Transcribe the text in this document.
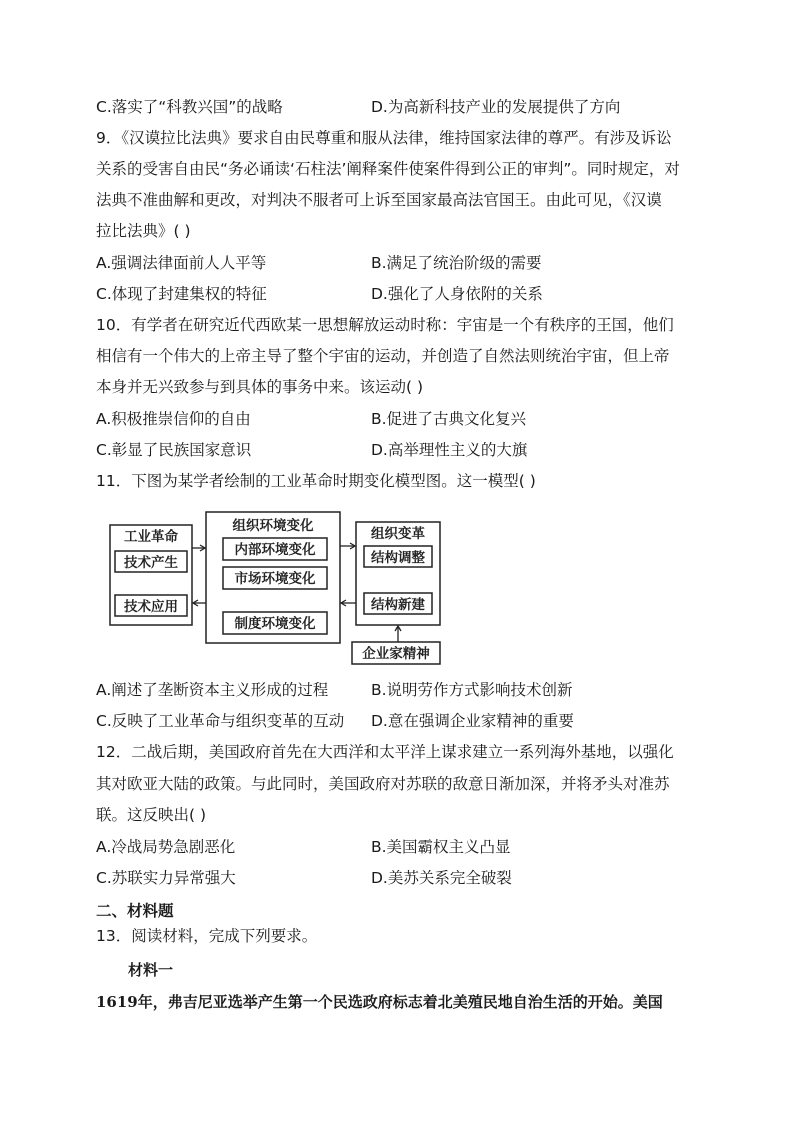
C.落实了“科教兴国”的战略	D.为高新科技产业的发展提供了方向
9．《汉谟拉比法典》要求自由民尊重和服从法律，维持国家法律的尊严。有涉及诉讼
关系的受害自由民“务必诵读‘石柱法’阐释案件使案件得到公正的审判”。同时规定，对
法典不准曲解和更改，对判决不服者可上诉至国家最高法官国王。由此可见，《汉谟
拉比法典》( )
A.强调法律面前人人平等	B.满足了统治阶级的需要
C.体现了封建集权的特征	D.强化了人身依附的关系
10．有学者在研究近代西欧某一思想解放运动时称：宇宙是一个有秩序的王国，他们
相信有一个伟大的上帝主导了整个宇宙的运动，并创造了自然法则统治宇宙，但上帝
本身并无兴致参与到具体的事务中来。该运动( )
A.积极推崇信仰的自由	B.促进了古典文化复兴
C.彰显了民族国家意识	D.高举理性主义的大旗
11．下图为某学者绘制的工业革命时期变化模型图。这一模型( )
工业革命
技术产生
技术应用
组织环境变化
内部环境变化
市场环境变化
制度环境变化
组织变革
结构调整
结构新建
企业家精神
A.阐述了垄断资本主义形成的过程	B.说明劳作方式影响技术创新
C.反映了工业革命与组织变革的互动 D.意在强调企业家精神的重要
12．二战后期，美国政府首先在大西洋和太平洋上谋求建立一系列海外基地，以强化
其对欧亚大陆的政策。与此同时，美国政府对苏联的敌意日渐加深，并将矛头对准苏
联。这反映出( )
A.冷战局势急剧恶化	B.美国霸权主义凸显
C.苏联实力异常强大	D.美苏关系完全破裂
二、材料题
13．阅读材料，完成下列要求。
材料一
1619年，弗吉尼亚选举产生第一个民选政府标志着北美殖民地自治生活的开始。美国
